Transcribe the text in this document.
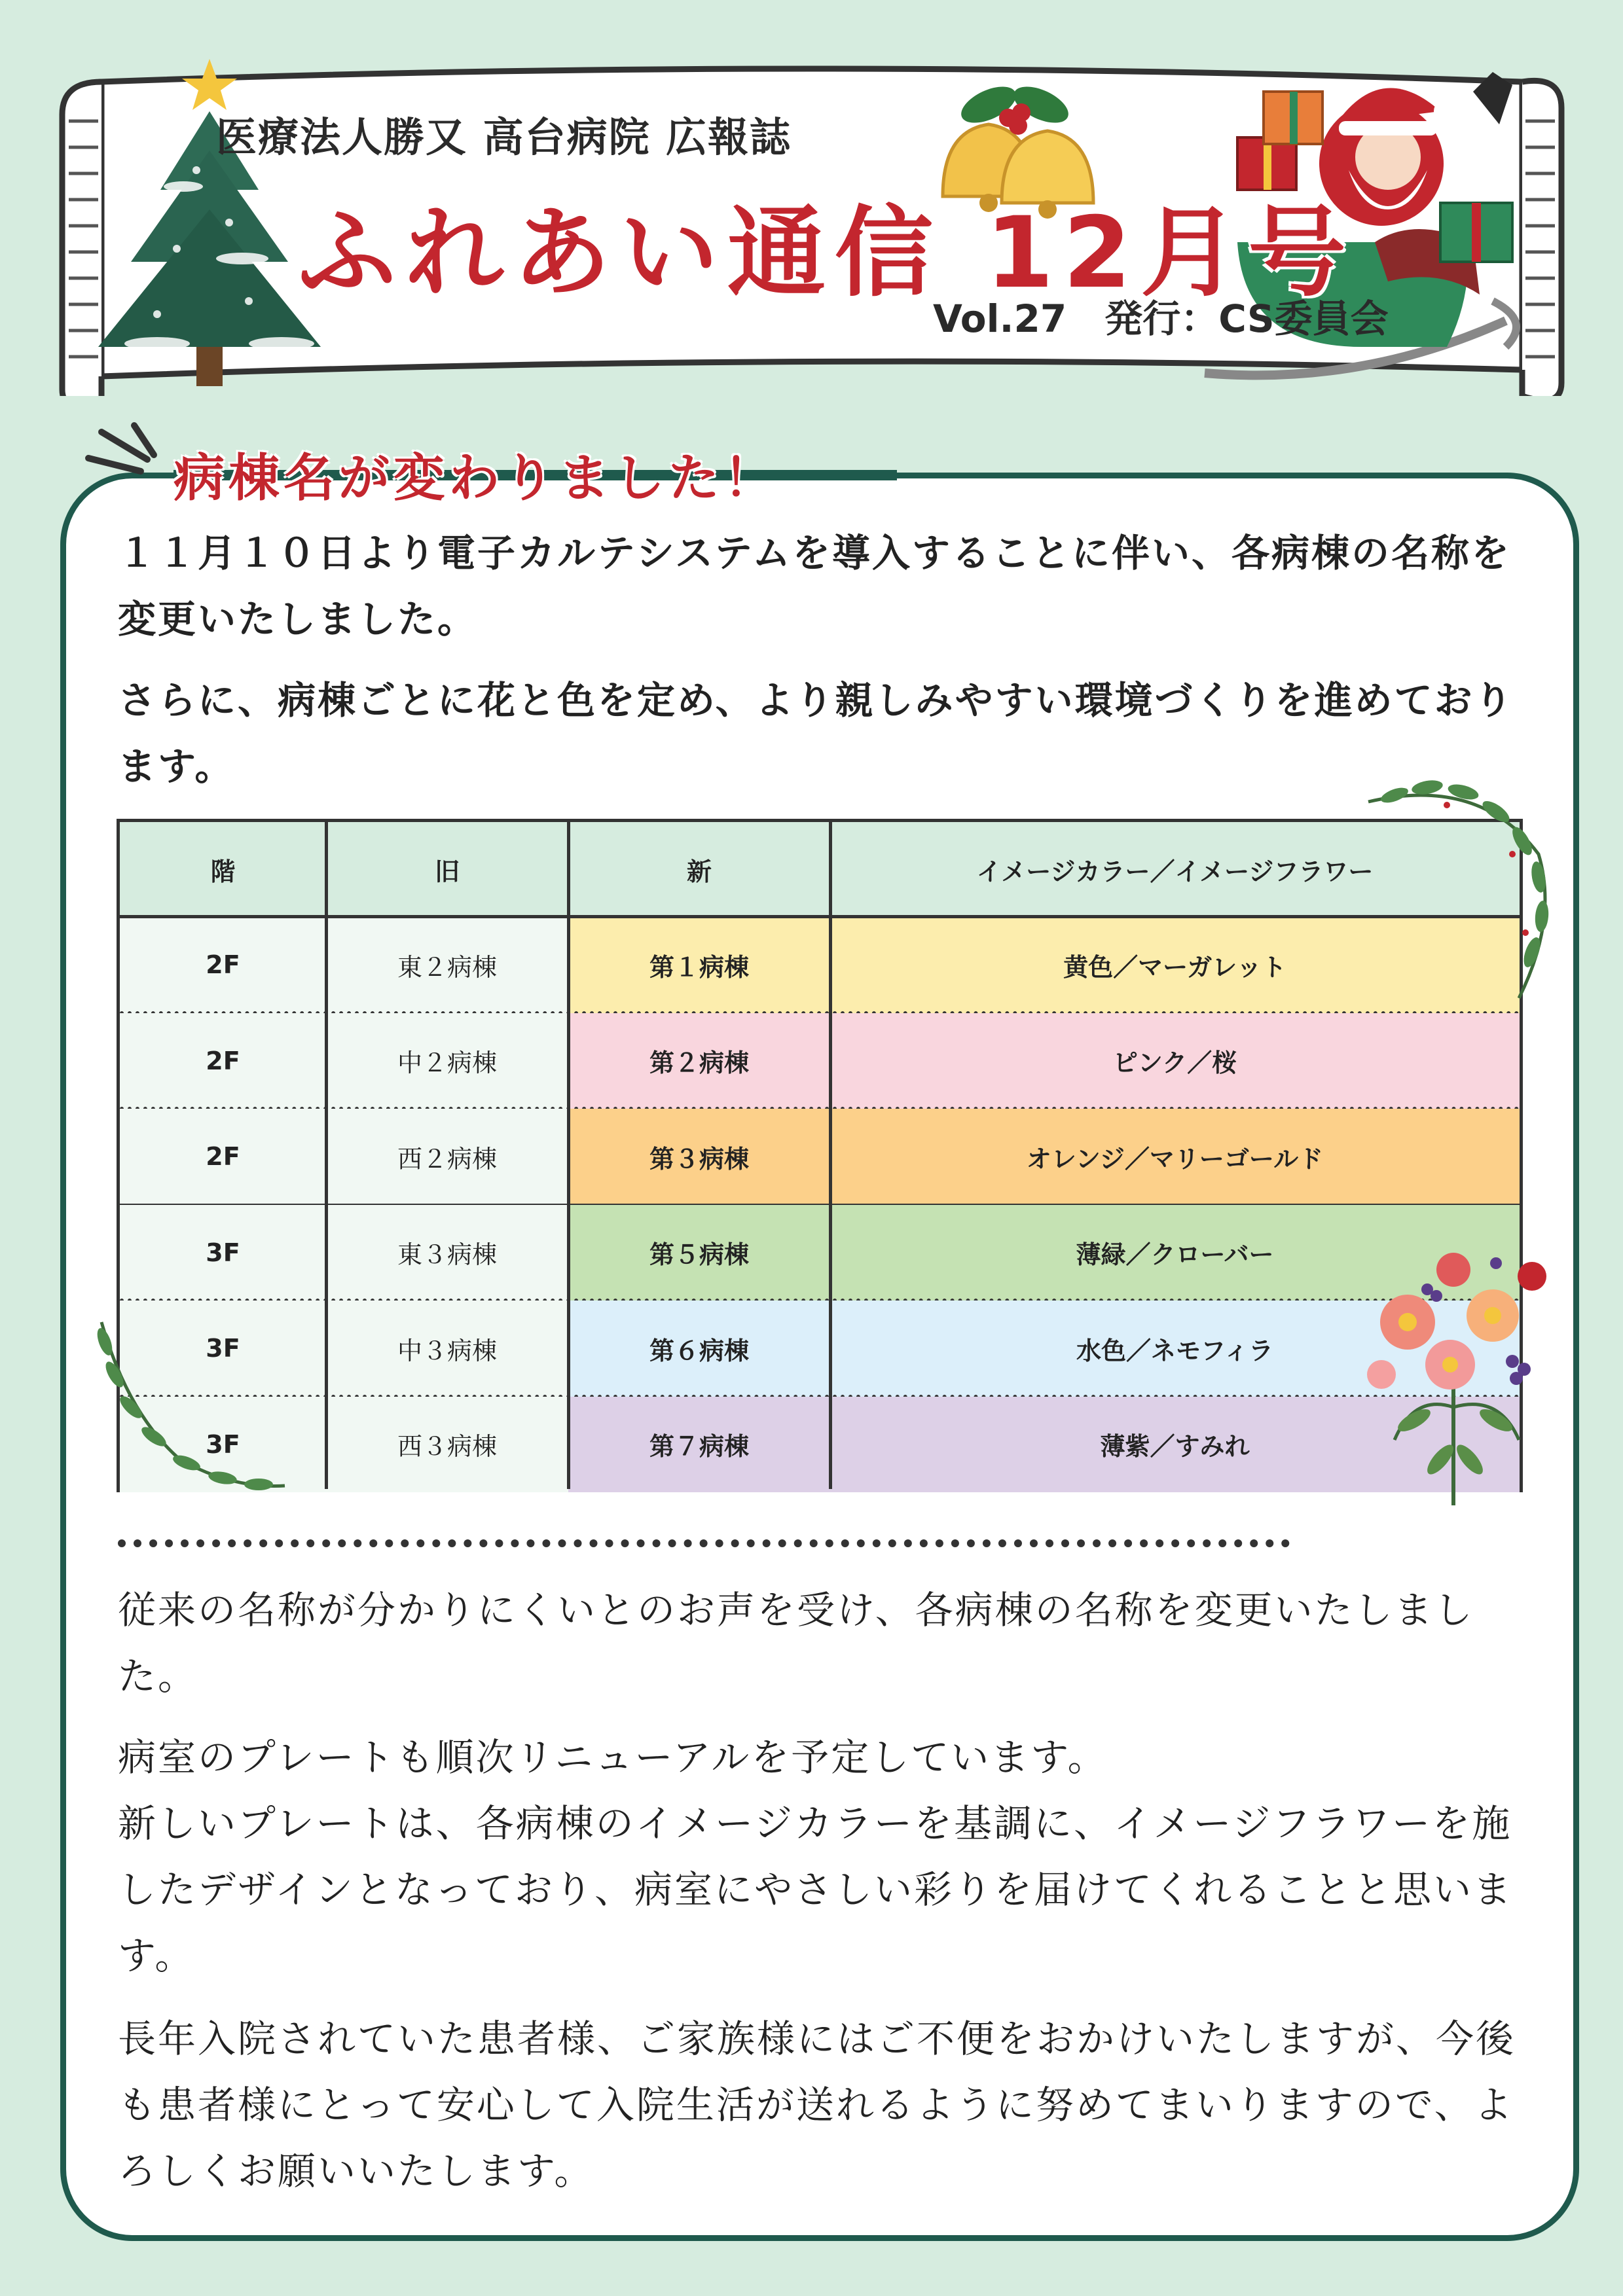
医療法人勝又 高台病院 広報誌
ふれあい通信 12月号
Vol.27　発行：CS委員会
病棟名が変わりました！
１１月１０日より電子カルテシステムを導入することに伴い、各病棟の名称を変更いたしました。
さらに、病棟ごとに花と色を定め、より親しみやすい環境づくりを進めております。
階	旧	新	イメージカラー／イメージフラワー
2F	東２病棟	第１病棟	黄色／マーガレット
2F	中２病棟	第２病棟	ピンク／桜
2F	西２病棟	第３病棟	オレンジ／マリーゴールド
3F	東３病棟	第５病棟	薄緑／クローバー
3F	中３病棟	第６病棟	水色／ネモフィラ
3F	西３病棟	第７病棟	薄紫／すみれ
従来の名称が分かりにくいとのお声を受け、各病棟の名称を変更いたしました。
病室のプレートも順次リニューアルを予定しています。
新しいプレートは、各病棟のイメージカラーを基調に、イメージフラワーを施したデザインとなっており、病室にやさしい彩りを届けてくれることと思います。
長年入院されていた患者様、ご家族様にはご不便をおかけいたしますが、今後も患者様にとって安心して入院生活が送れるように努めてまいりますので、よろしくお願いいたします。
